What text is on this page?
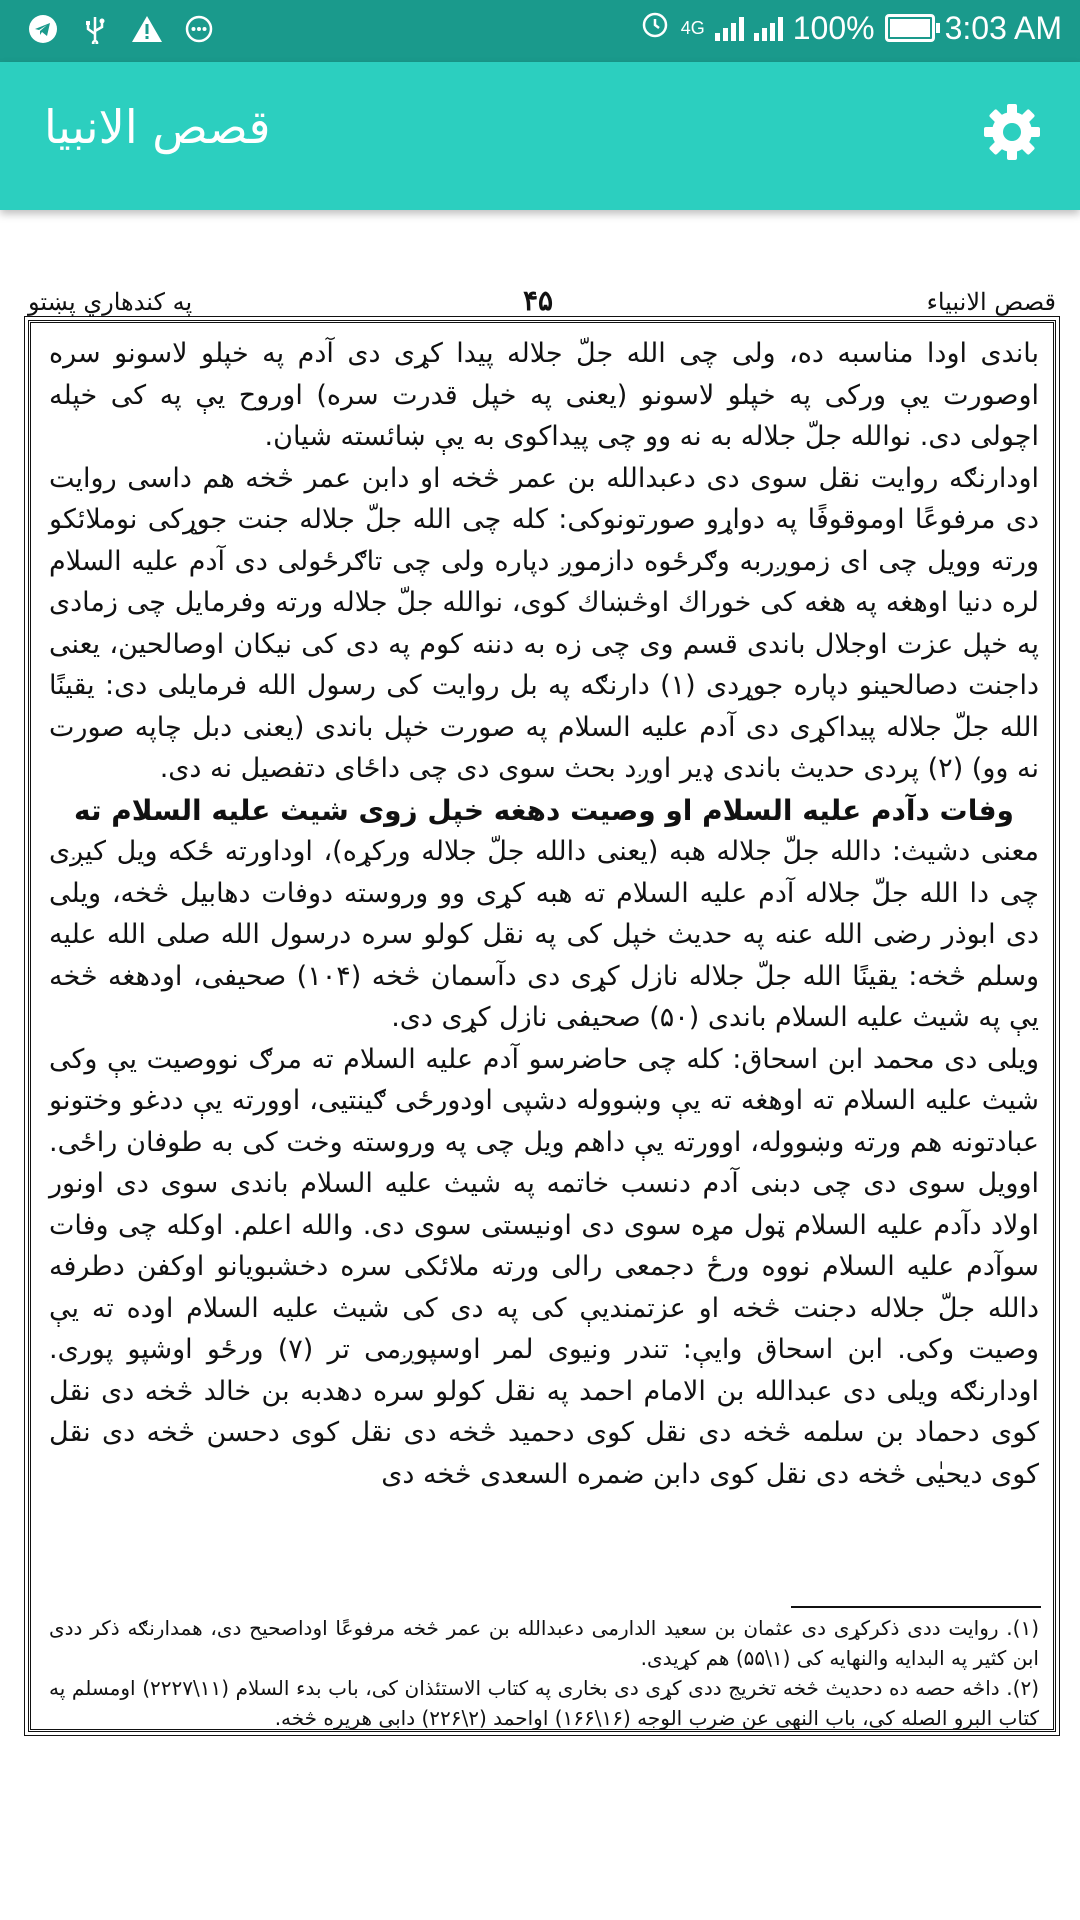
4G	100% 3:03 AM
قصص الانبيا
قصص الانبیاء
۴۵
په کندهاري پښتو

باندی اودا مناسبه ده، ولی چی الله جلّ جلاله پیدا کړی دی آدم په خپلو لاسونو سره اوصورت یې ورکی په خپلو لاسونو (یعنی په خپل قدرت سره) اوروح یې په کی خپله اچولی دی. نوالله جلّ جلاله به نه وو چی پیداکوی به یې ښائسته شیان.

اودارنګه روایت نقل سوی دی دعبدالله بن عمر څخه او دابن عمر څخه هم داسی روایت دی مرفوعًا اوموقوفًا په دواړو صورتونوکی: کله چی الله جلّ جلاله جنت جوړکی نوملائکو ورته وویل چی ای زموږربه وګرځوه دازموږ دپاره ولی چی تاګرځولی دی آدم علیه السلام لره دنیا اوهغه په هغه کی خوراك اوڅښاك کوی، نوالله جلّ جلاله ورته وفرمایل چی زمادی په خپل عزت اوجلال باندی قسم وی چی زه به دننه کوم په دی کی نیکان اوصالحین، یعنی داجنت دصالحینو دپاره جوړدی (۱) دارنګه په بل روایت کی رسول الله فرمایلی دی: یقینًا الله جلّ جلاله پیداکړی دی آدم علیه السلام په صورت خپل باندی (یعنی دبل چاپه صورت نه وو) (۲) پردی حدیث باندی ډیر اوږد بحث سوی دی چی داځای دتفصیل نه دی.

وفات دآدم علیه السلام او وصیت دهغه خپل زوی شیث علیه السلام ته

معنی دشیث: دالله جلّ جلاله هبه (یعنی دالله جلّ جلاله ورکړه)، اوداورته ځکه ویل کیږی چی دا الله جلّ جلاله آدم علیه السلام ته هبه کړی وو وروسته دوفات دهابیل څخه، ویلی دی ابوذر رضی الله عنه په حدیث خپل کی په نقل کولو سره درسول الله صلی الله علیه وسلم څخه: یقینًا الله جلّ جلاله نازل کړی دی دآسمان څخه (۱۰۴) صحیفی، اودهغه څخه یې په شیث علیه السلام باندی (۵۰) صحیفی نازل کړی دی.

ویلی دی محمد ابن اسحاق: کله چی حاضرسو آدم علیه السلام ته مرګ نووصیت یې وکی شیث علیه السلام ته اوهغه ته یې وښووله دشپی اودورځی ګینتیی، اوورته یې ددغو وختونو عبادتونه هم ورته وښووله، اوورته یې داهم ویل چی په وروسته وخت کی به طوفان راځی. اوویل سوی دی چی دبنی آدم دنسب خاتمه په شیث علیه السلام باندی سوی دی اونور اولاد دآدم علیه السلام ټول مړه سوی دی اونیستی سوی دی. والله اعلم. اوکله چی وفات سوآدم علیه السلام نووه ورځ دجمعی رالی ورته ملائکی سره دخشبویانو اوکفن دطرفه دالله جلّ جلاله دجنت څخه او عزتمندیې کی په دی کی شیث علیه السلام اوده ته یې وصیت وکی. ابن اسحاق وایې: تندر ونیوی لمر اوسپوږمی تر (۷) ورځو اوشپو پوری. اودارنګه ویلی دی عبدالله بن الامام احمد په نقل کولو سره دهدبه بن خالد څخه دی نقل کوی دحماد بن سلمه څخه دی نقل کوی دحمید څخه دی نقل کوی دحسن څخه دی نقل کوی دیحیٰی څخه دی نقل کوی دابن ضمره السعدی څخه دی

(۱). روایت ددی ذکرکړی دی عثمان بن سعید الدارمی دعبدالله بن عمر څخه مرفوعًا اوداصحیح دی، همدارنګه ذکر ددی ابن کثیر په البدایه والنهایه کی (۱\۵۵) هم کړیدی.

(۲). داڅه حصه ده دحدیث څخه تخریج ددی کړی دی بخاری په کتاب الاستئذان کی، باب بدء السلام (۱۱\۲۲۲۷) اومسلم په کتاب البرو الصله کی، باب النهی عن ضرب الوجه (۱۶\۱۶۶) اواحمد (۲\۲۲۶) دابی هریره څخه.
